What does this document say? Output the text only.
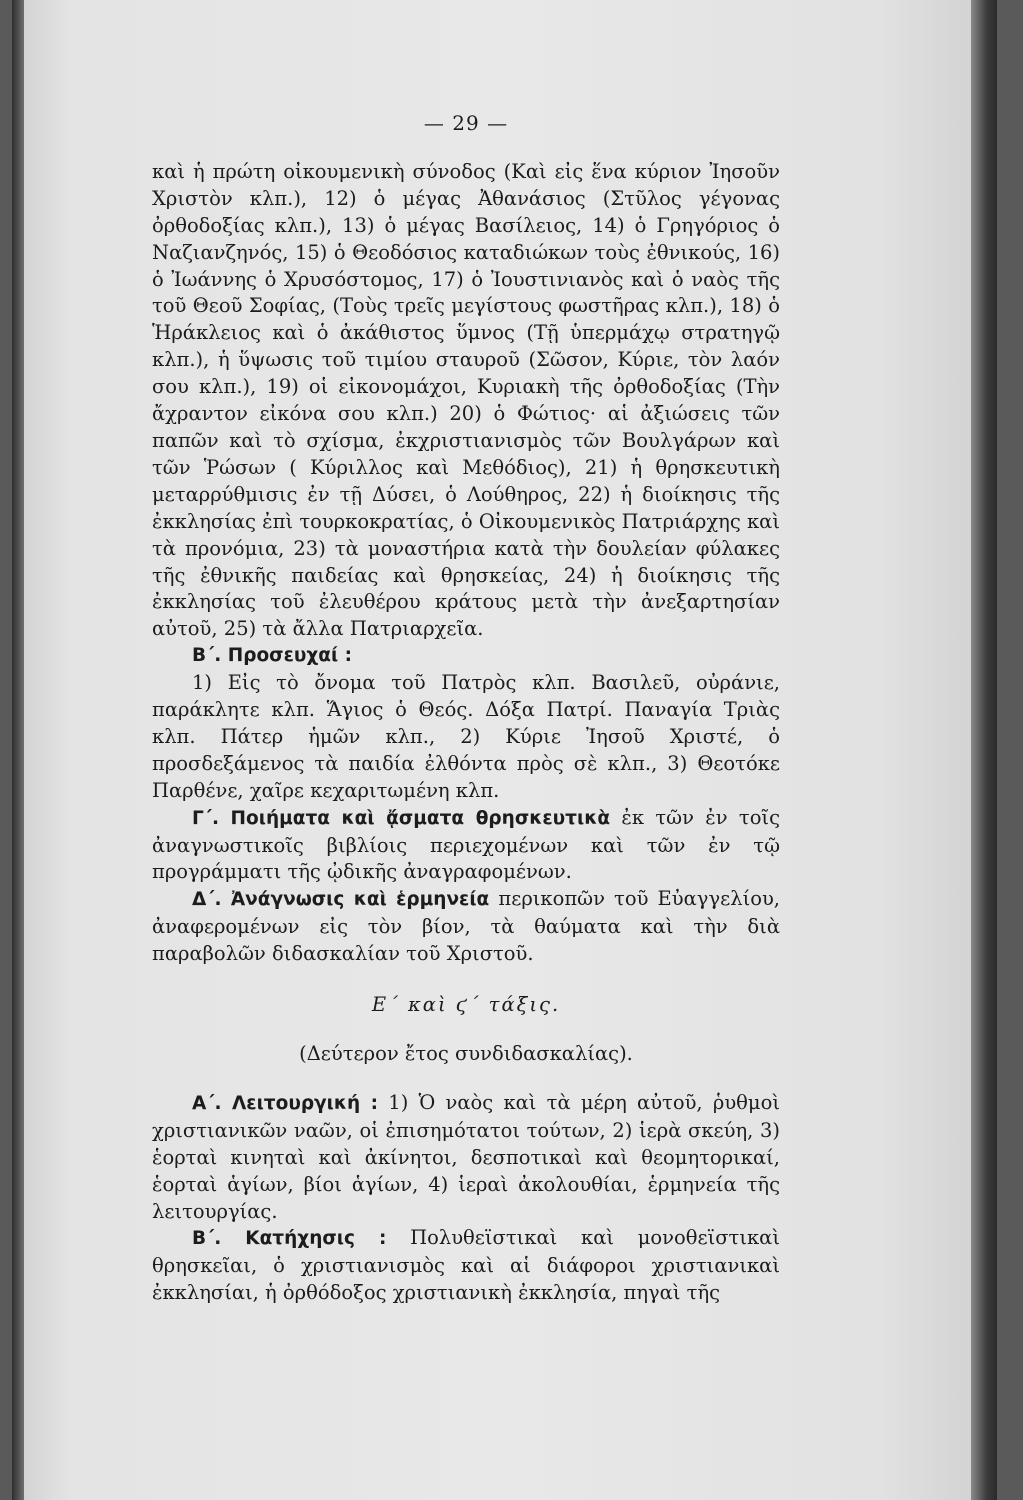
— 29 —

καὶ ἡ πρώτη οἰκουμενικὴ σύνοδος (Καὶ εἰς ἕνα κύριον Ἰησοῦν Χριστὸν κλπ.), 12) ὁ μέγας Ἀθανάσιος (Στῦλος γέγονας ὀρθοδοξίας κλπ.), 13) ὁ μέγας Βασίλειος, 14) ὁ Γρηγόριος ὁ Ναζιανζηνός, 15) ὁ Θεοδόσιος καταδιώκων τοὺς ἐθνικούς, 16) ὁ Ἰωάννης ὁ Χρυσόστομος, 17) ὁ Ἰουστινιανὸς καὶ ὁ ναὸς τῆς τοῦ Θεοῦ Σοφίας, (Τοὺς τρεῖς μεγίστους φωστῆρας κλπ.), 18) ὁ Ἡράκλειος καὶ ὁ ἀκάθιστος ὕμνος (Τῇ ὑπερμάχῳ στρατηγῷ κλπ.), ἡ ὕψωσις τοῦ τιμίου σταυροῦ (Σῶσον, Κύριε, τὸν λαόν σου κλπ.), 19) οἱ εἰκονομάχοι, Κυριακὴ τῆς ὀρθοδοξίας (Τὴν ἄχραντον εἰκόνα σου κλπ.) 20) ὁ Φώτιος· αἱ ἀξιώσεις τῶν παπῶν καὶ τὸ σχίσμα, ἐκχριστιανισμὸς τῶν Βουλγάρων καὶ τῶν Ῥώσων ( Κύριλλος καὶ Μεθόδιος), 21) ἡ θρησκευτικὴ μεταρρύθμισις ἐν τῇ Δύσει, ὁ Λούθηρος, 22) ἡ διοίκησις τῆς ἐκκλησίας ἐπὶ τουρκοκρατίας, ὁ Οἰκουμενικὸς Πατριάρχης καὶ τὰ προνόμια, 23) τὰ μοναστήρια κατὰ τὴν δουλείαν φύλακες τῆς ἐθνικῆς παιδείας καὶ θρησκείας, 24) ἡ διοίκησις τῆς ἐκκλησίας τοῦ ἐλευθέρου κράτους μετὰ τὴν ἀνεξαρτησίαν αὐτοῦ, 25) τὰ ἄλλα Πατριαρχεῖα.

Β΄. Προσευχαί :

1) Εἰς τὸ ὄνομα τοῦ Πατρὸς κλπ. Βασιλεῦ, οὐράνιε, παράκλητε κλπ. Ἅγιος ὁ Θεός. Δόξα Πατρί. Παναγία Τριὰς κλπ. Πάτερ ἡμῶν κλπ., 2) Κύριε Ἰησοῦ Χριστέ, ὁ προσδεξάμενος τὰ παιδία ἐλθόντα πρὸς σὲ κλπ., 3) Θεοτόκε Παρθένε, χαῖρε κεχαριτωμένη κλπ.

Γ΄. Ποιήματα καὶ ᾄσματα θρησκευτικὰ ἐκ τῶν ἐν τοῖς ἀναγνωστικοῖς βιβλίοις περιεχομένων καὶ τῶν ἐν τῷ προγράμματι τῆς ᾠδικῆς ἀναγραφομένων.

Δ΄. Ἀνάγνωσις καὶ ἑρμηνεία περικοπῶν τοῦ Εὐαγγελίου, ἀναφερομένων εἰς τὸν βίον, τὰ θαύματα καὶ τὴν διὰ παραβολῶν διδασκαλίαν τοῦ Χριστοῦ.

Ε΄ καὶ ϛ΄ τάξις.

(Δεύτερον ἔτος συνδιδασκαλίας).

Α΄. Λειτουργική : 1) Ὁ ναὸς καὶ τὰ μέρη αὐτοῦ, ῥυθμοὶ χριστιανικῶν ναῶν, οἱ ἐπισημότατοι τούτων, 2) ἱερὰ σκεύη, 3) ἑορταὶ κινηταὶ καὶ ἀκίνητοι, δεσποτικαὶ καὶ θεομητορικαί, ἑορταὶ ἁγίων, βίοι ἁγίων, 4) ἱεραὶ ἀκολουθίαι, ἑρμηνεία τῆς λειτουργίας.

Β΄. Κατήχησις : Πολυθεϊστικαὶ καὶ μονοθεϊστικαὶ θρησκεῖαι, ὁ χριστιανισμὸς καὶ αἱ διάφοροι χριστιανικαὶ ἐκκλησίαι, ἡ ὀρθόδοξος χριστιανικὴ ἐκκλησία, πηγαὶ τῆς
